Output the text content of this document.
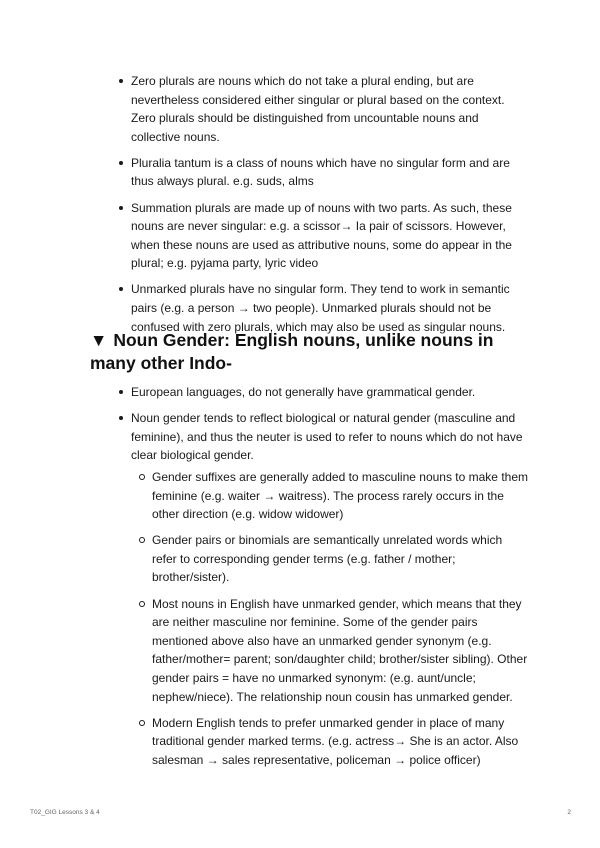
Zero plurals are nouns which do not take a plural ending, but are nevertheless considered either singular or plural based on the context. Zero plurals should be distinguished from uncountable nouns and collective nouns.
Pluralia tantum is a class of nouns which have no singular form and are thus always plural. e.g. suds, alms
Summation plurals are made up of nouns with two parts. As such, these nouns are never singular: e.g. a scissor→ Ia pair of scissors. However, when these nouns are used as attributive nouns, some do appear in the plural; e.g. pyjama party, lyric video
Unmarked plurals have no singular form. They tend to work in semantic pairs (e.g. a person → two people). Unmarked plurals should not be confused with zero plurals, which may also be used as singular nouns.
▼ Noun Gender: English nouns, unlike nouns in many other Indo-
European languages, do not generally have grammatical gender.
Noun gender tends to reflect biological or natural gender (masculine and feminine), and thus the neuter is used to refer to nouns which do not have clear biological gender.
Gender suffixes are generally added to masculine nouns to make them feminine (e.g. waiter → waitress). The process rarely occurs in the other direction (e.g. widow widower)
Gender pairs or binomials are semantically unrelated words which refer to corresponding gender terms (e.g. father / mother; brother/sister).
Most nouns in English have unmarked gender, which means that they are neither masculine nor feminine. Some of the gender pairs mentioned above also have an unmarked gender synonym (e.g. father/mother= parent; son/daughter child; brother/sister sibling). Other gender pairs = have no unmarked synonym: (e.g. aunt/uncle; nephew/niece). The relationship noun cousin has unmarked gender.
Modern English tends to prefer unmarked gender in place of many traditional gender marked terms. (e.g. actress→ She is an actor. Also salesman → sales representative, policeman → police officer)
T02_GIG Lessons 3 & 4	2
